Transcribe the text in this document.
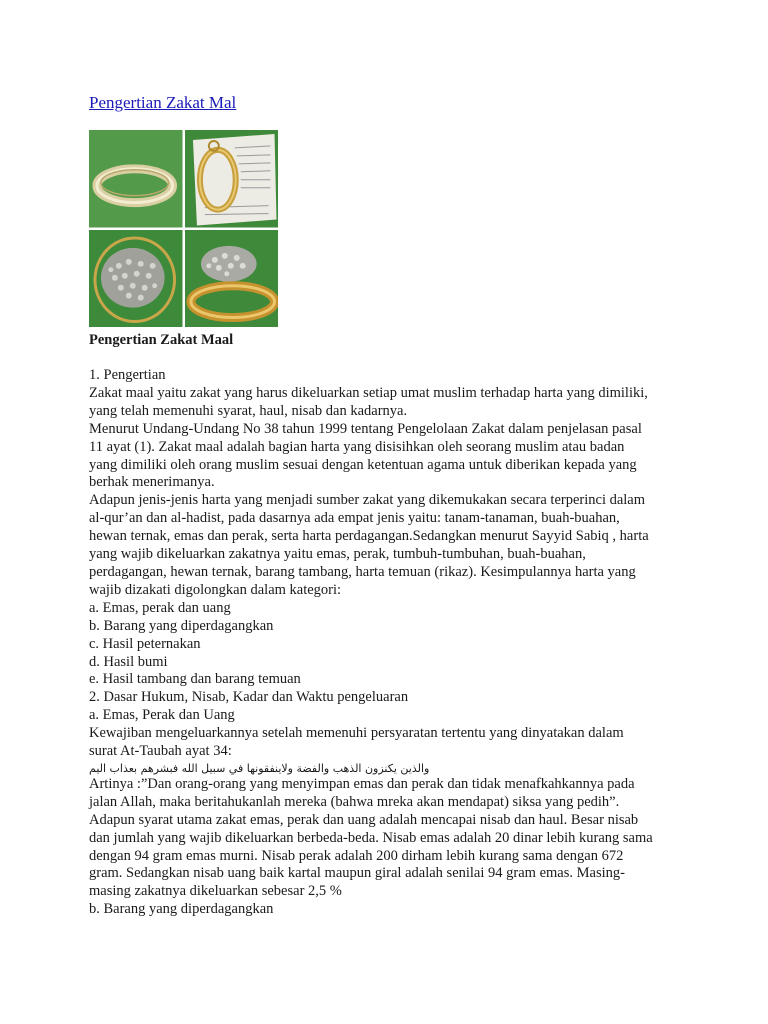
Pengertian Zakat Mal
Pengertian Zakat Maal
1. Pengertian
Zakat maal yaitu zakat yang harus dikeluarkan setiap umat muslim terhadap harta yang dimiliki,
yang telah memenuhi syarat, haul, nisab dan kadarnya.
Menurut Undang-Undang No 38 tahun 1999 tentang Pengelolaan Zakat dalam penjelasan pasal
11 ayat (1). Zakat maal adalah bagian harta yang disisihkan oleh seorang muslim atau badan
yang dimiliki oleh orang muslim sesuai dengan ketentuan agama untuk diberikan kepada yang
berhak menerimanya.
Adapun jenis-jenis harta yang menjadi sumber zakat yang dikemukakan secara terperinci dalam
al-qur’an dan al-hadist, pada dasarnya ada empat jenis yaitu: tanam-tanaman, buah-buahan,
hewan ternak, emas dan perak, serta harta perdagangan.Sedangkan menurut Sayyid Sabiq , harta
yang wajib dikeluarkan zakatnya yaitu emas, perak, tumbuh-tumbuhan, buah-buahan,
perdagangan, hewan ternak, barang tambang, harta temuan (rikaz). Kesimpulannya harta yang
wajib dizakati digolongkan dalam kategori:
a. Emas, perak dan uang
b. Barang yang diperdagangkan
c. Hasil peternakan
d. Hasil bumi
e. Hasil tambang dan barang temuan
2. Dasar Hukum, Nisab, Kadar dan Waktu pengeluaran
a. Emas, Perak dan Uang
Kewajiban mengeluarkannya setelah memenuhi persyaratan tertentu yang dinyatakan dalam
surat At-Taubah ayat 34:
والذين يكنزون الذهب والفضة ولاينفقونها في سبيل الله فبشرهم بعذاب اليم
Artinya :”Dan orang-orang yang menyimpan emas dan perak dan tidak menafkahkannya pada
jalan Allah, maka beritahukanlah mereka (bahwa mreka akan mendapat) siksa yang pedih”.
Adapun syarat utama zakat emas, perak dan uang adalah mencapai nisab dan haul. Besar nisab
dan jumlah yang wajib dikeluarkan berbeda-beda. Nisab emas adalah 20 dinar lebih kurang sama
dengan 94 gram emas murni. Nisab perak adalah 200 dirham lebih kurang sama dengan 672
gram. Sedangkan nisab uang baik kartal maupun giral adalah senilai 94 gram emas. Masing-
masing zakatnya dikeluarkan sebesar 2,5 %
b. Barang yang diperdagangkan
